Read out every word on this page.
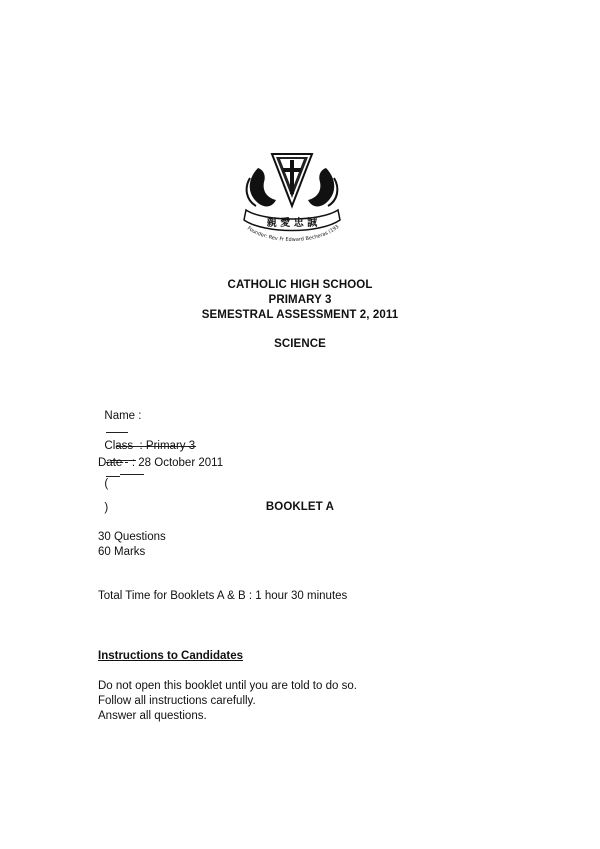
親 愛 忠 誠
Founder: Rev Fr Edward Becheras (193
CATHOLIC HIGH SCHOOL
PRIMARY 3
SEMESTRAL ASSESSMENT 2, 2011
SCIENCE

Name :

(

)

Class  : Primary 3

Date   : 28 October 2011
BOOKLET A
30 Questions
60 Marks
Total Time for Booklets A & B : 1 hour 30 minutes
Instructions to Candidates
Do not open this booklet until you are told to do so.
Follow all instructions carefully.
Answer all questions.
